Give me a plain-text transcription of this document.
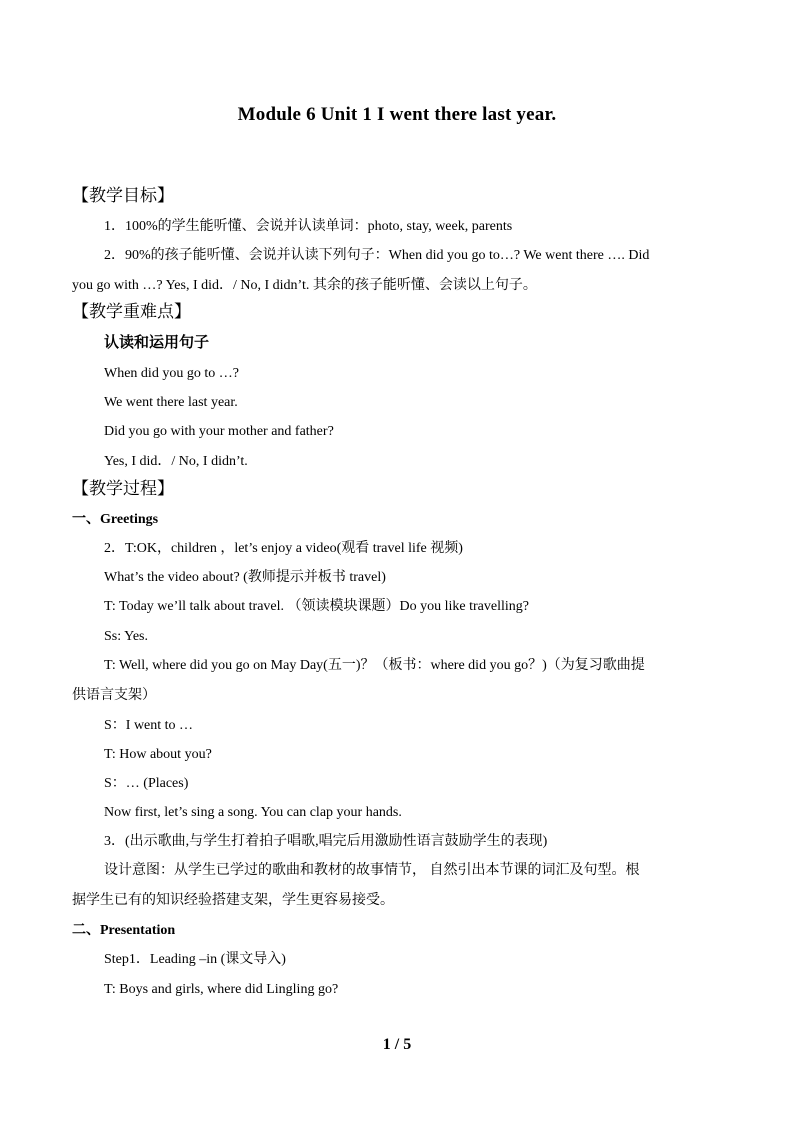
Module 6 Unit 1 I went there last year.
【教学目标】
1．100%的学生能听懂、会说并认读单词：photo, stay, week, parents
2．90%的孩子能听懂、会说并认读下列句子：When did you go to…? We went there …. Did
you go with …? Yes, I did．/ No, I didn’t. 其余的孩子能听懂、会读以上句子。
【教学重难点】
认读和运用句子
When did you go to …?
We went there last year.
Did you go with your mother and father?
Yes, I did．/ No, I didn’t.
【教学过程】
一、Greetings
2．T:OK，children ，let’s enjoy a video(观看 travel life 视频)
What’s the video about? (教师提示并板书 travel)
T: Today we’ll talk about travel. （领读模块课题）Do you like travelling?
Ss: Yes.
T: Well, where did you go on May Day(五一)？（板书：where did you go？)（为复习歌曲提
供语言支架）
S：I went to …
T: How about you?
S：… (Places)
Now first, let’s sing a song. You can clap your hands.
3．(出示歌曲,与学生打着拍子唱歌,唱完后用激励性语言鼓励学生的表现)
设计意图：从学生已学过的歌曲和教材的故事情节， 自然引出本节课的词汇及句型。根
据学生已有的知识经验搭建支架，学生更容易接受。
二、Presentation
Step1．Leading –in (课文导入)
T: Boys and girls, where did Lingling go?
1 / 5
